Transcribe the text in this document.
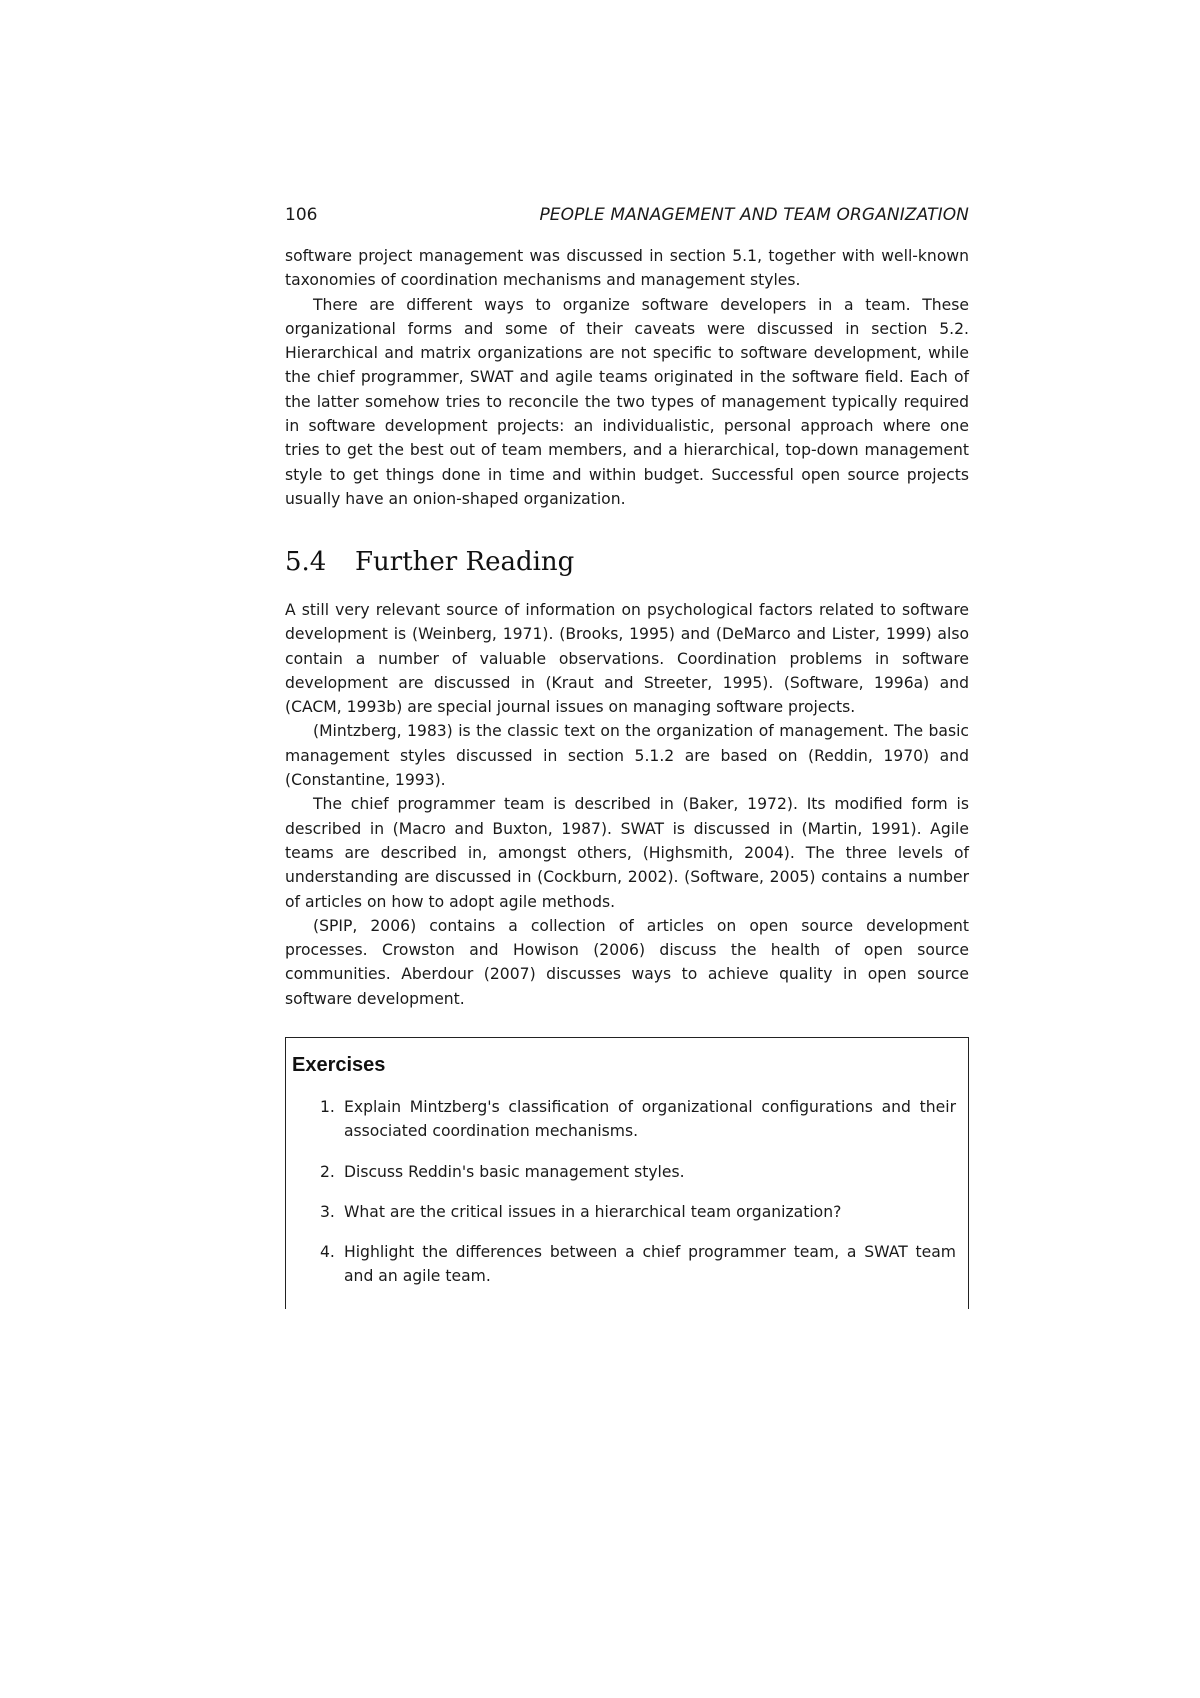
106	PEOPLE MANAGEMENT AND TEAM ORGANIZATION

software project management was discussed in section 5.1, together with well-known taxonomies of coordination mechanisms and management styles.

There are different ways to organize software developers in a team. These organizational forms and some of their caveats were discussed in section 5.2. Hierarchical and matrix organizations are not specific to software development, while the chief programmer, SWAT and agile teams originated in the software field. Each of the latter somehow tries to reconcile the two types of management typically required in software development projects: an individualistic, personal approach where one tries to get the best out of team members, and a hierarchical, top-down management style to get things done in time and within budget. Successful open source projects usually have an onion-shaped organization.

5.4 Further Reading

A still very relevant source of information on psychological factors related to software development is (Weinberg, 1971). (Brooks, 1995) and (DeMarco and Lister, 1999) also contain a number of valuable observations. Coordination problems in software development are discussed in (Kraut and Streeter, 1995). (Software, 1996a) and (CACM, 1993b) are special journal issues on managing software projects.

(Mintzberg, 1983) is the classic text on the organization of management. The basic management styles discussed in section 5.1.2 are based on (Reddin, 1970) and (Constantine, 1993).

The chief programmer team is described in (Baker, 1972). Its modified form is described in (Macro and Buxton, 1987). SWAT is discussed in (Martin, 1991). Agile teams are described in, amongst others, (Highsmith, 2004). The three levels of understanding are discussed in (Cockburn, 2002). (Software, 2005) contains a number of articles on how to adopt agile methods.

(SPIP, 2006) contains a collection of articles on open source development processes. Crowston and Howison (2006) discuss the health of open source communities. Aberdour (2007) discusses ways to achieve quality in open source software development.

Exercises
1. Explain Mintzberg's classification of organizational configurations and their associated coordination mechanisms.
2. Discuss Reddin's basic management styles.
3. What are the critical issues in a hierarchical team organization?
4. Highlight the differences between a chief programmer team, a SWAT team and an agile team.
